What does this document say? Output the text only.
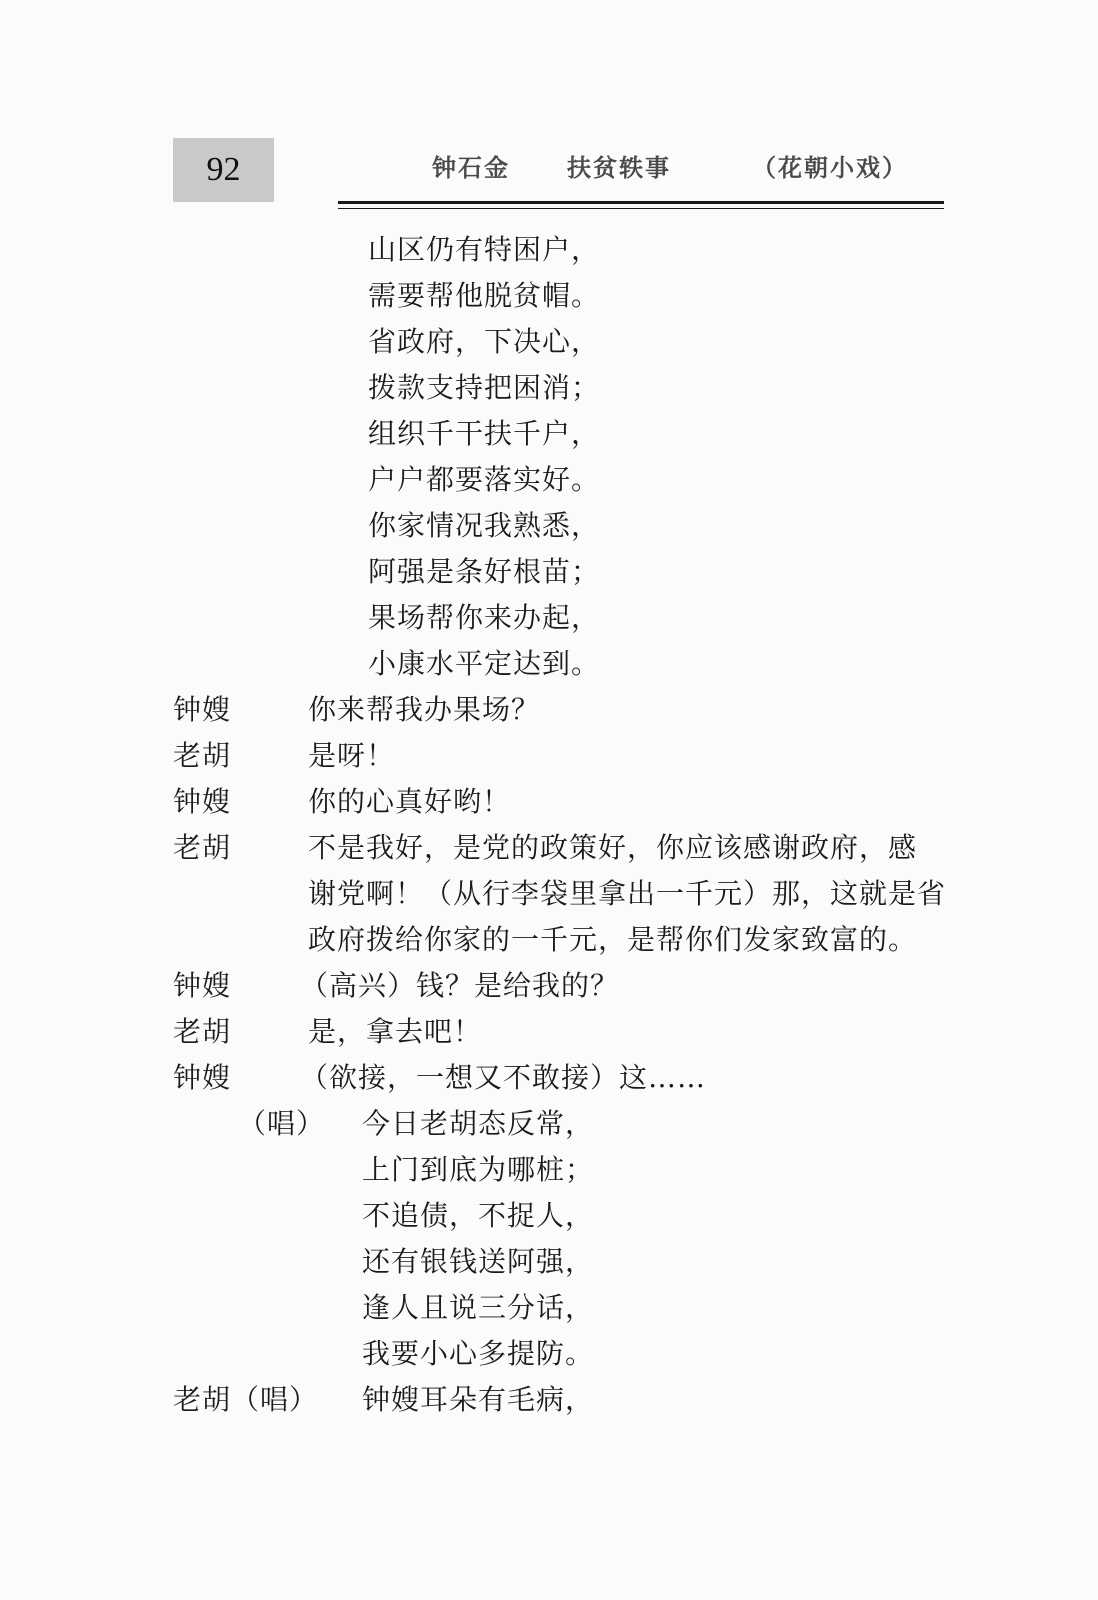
92	钟石金 扶贫轶事	（花朝小戏）
山区仍有特困户，
需要帮他脱贫帽。
省政府，下决心，
拨款支持把困消；
组织千干扶千户，
户户都要落实好。
你家情况我熟悉，
阿强是条好根苗；
果场帮你来办起，
小康水平定达到。
钟嫂	你来帮我办果场？
老胡	是呀！
钟嫂	你的心真好哟！
老胡	不是我好，是党的政策好，你应该感谢政府，感
谢党啊！（从行李袋里拿出一千元）那，这就是省
政府拨给你家的一千元，是帮你们发家致富的。
钟嫂 （高兴）钱？是给我的？
老胡	是，拿去吧！
钟嫂 （欲接，一想又不敢接）这……
（唱） 今日老胡态反常，
上门到底为哪桩；
不追债，不捉人，
还有银钱送阿强，
逢人且说三分话，
我要小心多提防。
老胡（唱） 钟嫂耳朵有毛病，
